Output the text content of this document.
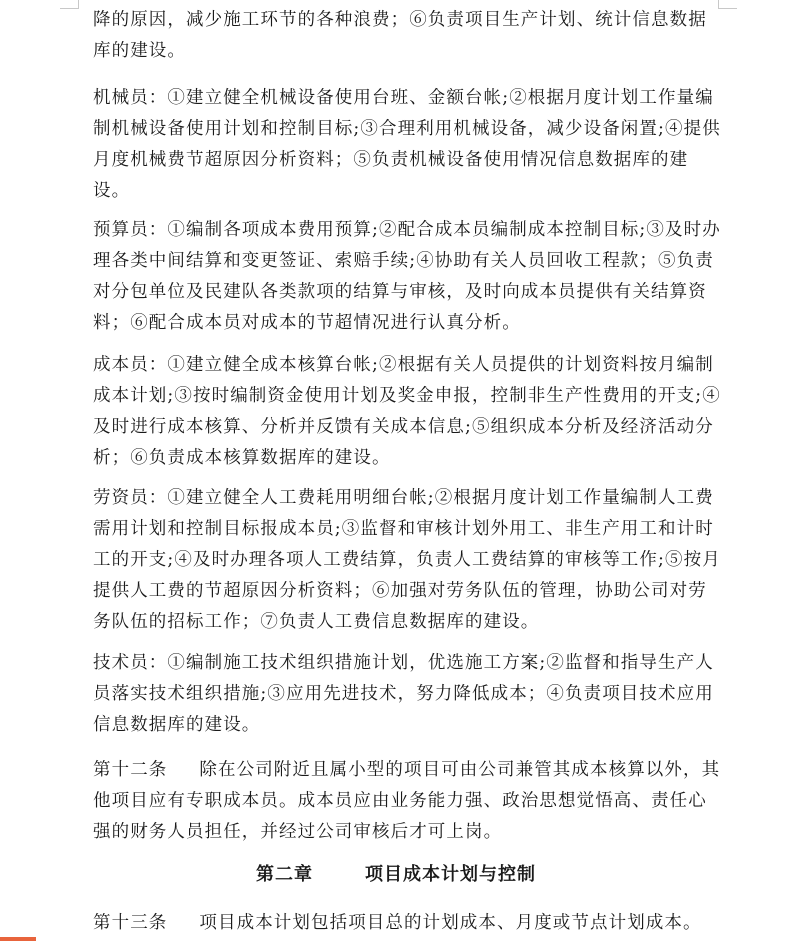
降的原因，减少施工环节的各种浪费；⑥负责项目生产计划、统计信息数据库的建设。

机械员：①建立健全机械设备使用台班、金额台帐;②根据月度计划工作量编制机械设备使用计划和控制目标;③合理利用机械设备，减少设备闲置;④提供月度机械费节超原因分析资料；⑤负责机械设备使用情况信息数据库的建设。

预算员：①编制各项成本费用预算;②配合成本员编制成本控制目标;③及时办理各类中间结算和变更签证、索赔手续;④协助有关人员回收工程款；⑤负责对分包单位及民建队各类款项的结算与审核，及时向成本员提供有关结算资料；⑥配合成本员对成本的节超情况进行认真分析。

成本员：①建立健全成本核算台帐;②根据有关人员提供的计划资料按月编制成本计划;③按时编制资金使用计划及奖金申报，控制非生产性费用的开支;④及时进行成本核算、分析并反馈有关成本信息;⑤组织成本分析及经济活动分析；⑥负责成本核算数据库的建设。

劳资员：①建立健全人工费耗用明细台帐;②根据月度计划工作量编制人工费需用计划和控制目标报成本员;③监督和审核计划外用工、非生产用工和计时工的开支;④及时办理各项人工费结算，负责人工费结算的审核等工作;⑤按月提供人工费的节超原因分析资料；⑥加强对劳务队伍的管理，协助公司对劳务队伍的招标工作；⑦负责人工费信息数据库的建设。

技术员：①编制施工技术组织措施计划，优选施工方案;②监督和指导生产人员落实技术组织措施;③应用先进技术，努力降低成本；④负责项目技术应用信息数据库的建设。

第十二条 除在公司附近且属小型的项目可由公司兼管其成本核算以外，其他项目应有专职成本员。成本员应由业务能力强、政治思想觉悟高、责任心强的财务人员担任，并经过公司审核后才可上岗。

第二章	项目成本计划与控制

第十三条 项目成本计划包括项目总的计划成本、月度或节点计划成本。
